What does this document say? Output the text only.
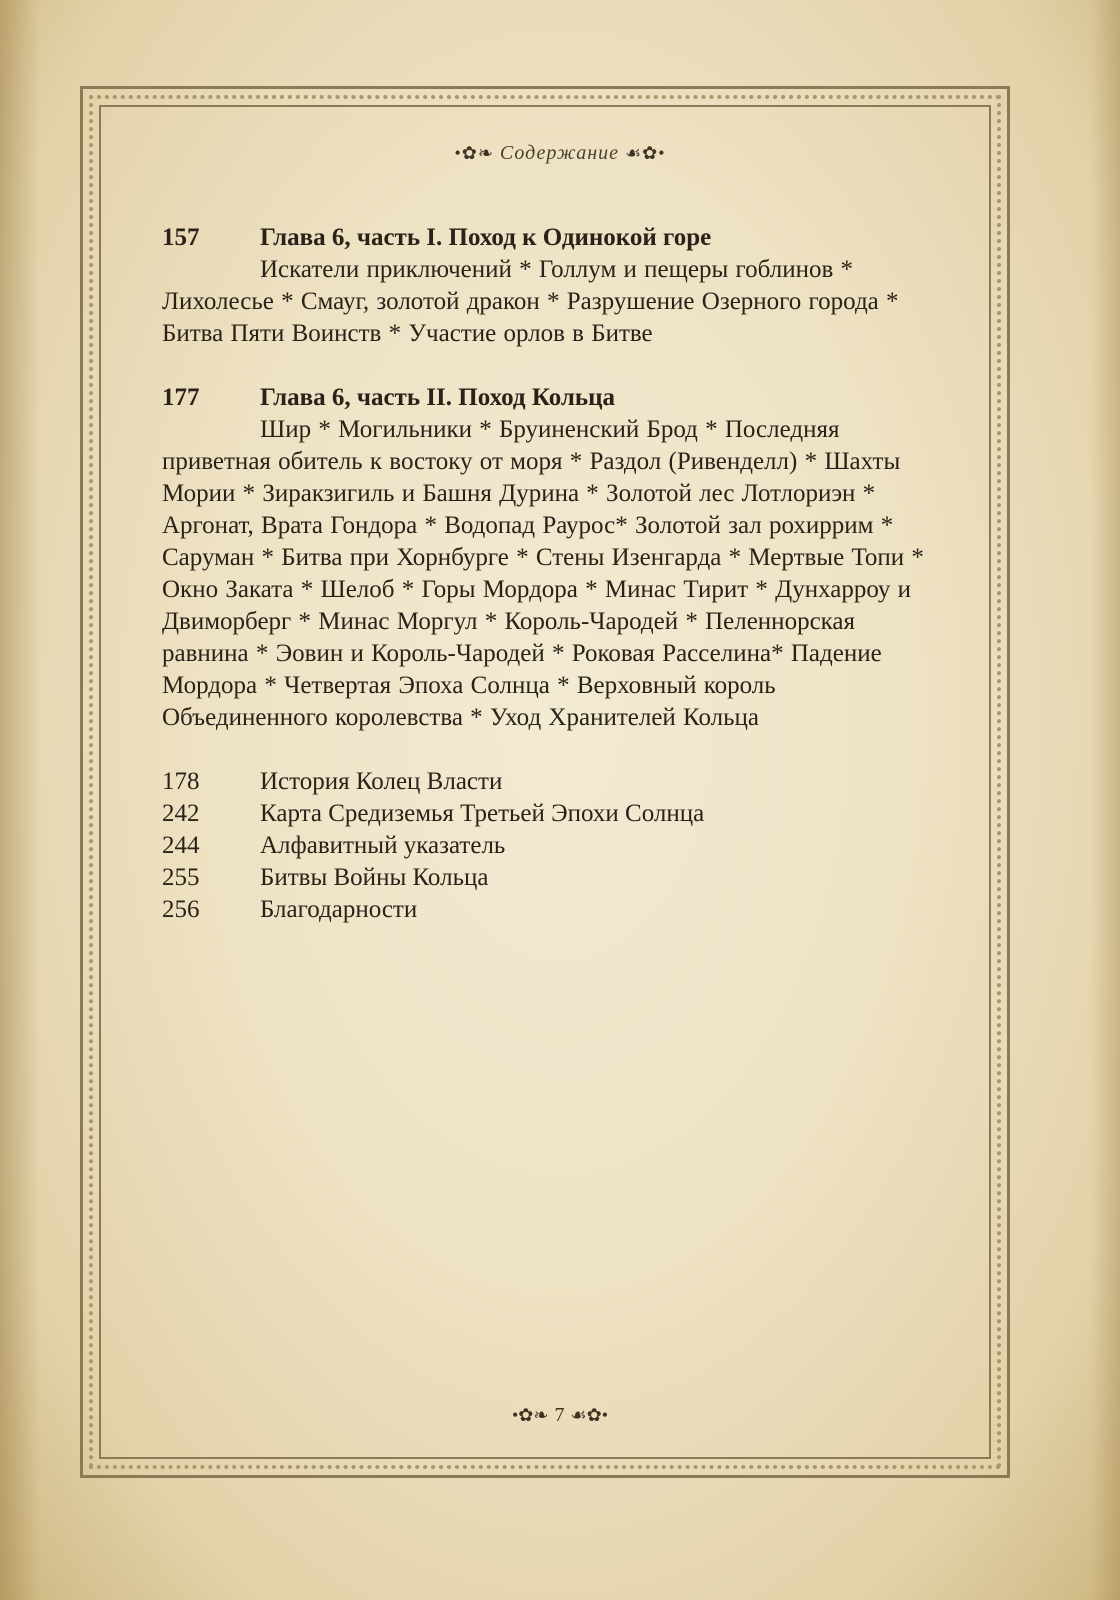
•✿❧ Содержание ☙✿•
157	Глава 6, часть I. Поход к Одинокой горе
Искатели приключений * Голлум и пещеры гоблинов * Лихолесье * Смауг, золотой дракон * Разрушение Озерного города * Битва Пяти Воинств * Участие орлов в Битве
177	Глава 6, часть II. Поход Кольца
Шир * Могильники * Бруиненский Брод * Последняя приветная обитель к востоку от моря * Раздол (Ривенделл) * Шахты Мории * Зиракзигиль и Башня Дурина * Золотой лес Лотлориэн * Аргонат, Врата Гондора * Водопад Раурос* Золотой зал рохиррим * Саруман * Битва при Хорнбурге * Стены Изенгарда * Мертвые Топи * Окно Заката * Шелоб * Горы Мордора * Минас Тирит * Дунхарроу и Двиморберг * Минас Моргул * Король-Чародей * Пеленнорская равнина * Эовин и Король-Чародей * Роковая Расселина* Падение Мордора * Четвертая Эпоха Солнца * Верховный король Объединенного королевства * Уход Хранителей Кольца
178	История Колец Власти
242	Карта Средиземья Третьей Эпохи Солнца
244	Алфавитный указатель
255	Битвы Войны Кольца
256	Благодарности
•✿❧ 7 ☙✿•
